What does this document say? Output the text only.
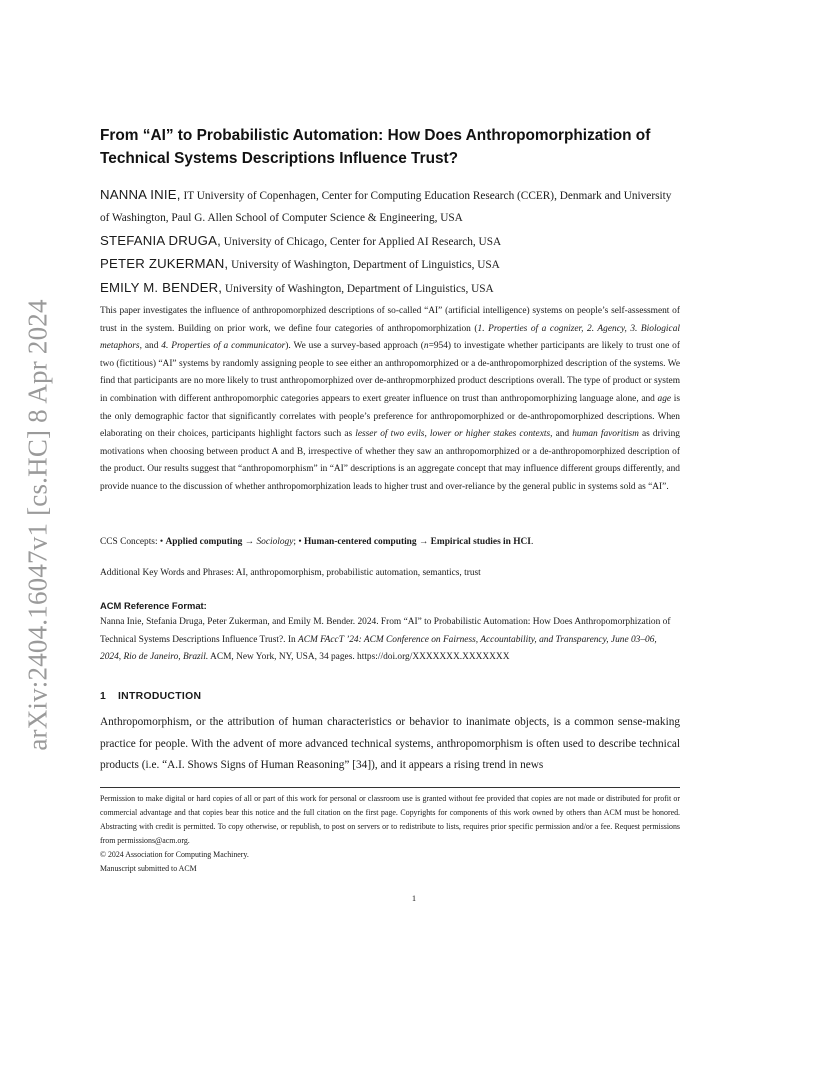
arXiv:2404.16047v1 [cs.HC] 8 Apr 2024
From “AI” to Probabilistic Automation: How Does Anthropomorphization of
Technical Systems Descriptions Influence Trust?

NANNA INIE, IT University of Copenhagen, Center for Computing Education Research (CCER), Denmark and University of Washington, Paul G. Allen School of Computer Science & Engineering, USA

STEFANIA DRUGA, University of Chicago, Center for Applied AI Research, USA

PETER ZUKERMAN, University of Washington, Department of Linguistics, USA

EMILY M. BENDER, University of Washington, Department of Linguistics, USA

This paper investigates the influence of anthropomorphized descriptions of so-called “AI” (artificial intelligence) systems on people’s self-assessment of trust in the system. Building on prior work, we define four categories of anthropomorphization (1. Properties of a cognizer, 2. Agency, 3. Biological metaphors, and 4. Properties of a communicator). We use a survey-based approach (n=954) to investigate whether participants are likely to trust one of two (fictitious) “AI” systems by randomly assigning people to see either an anthropomorphized or a de-anthropomorphized description of the systems. We find that participants are no more likely to trust anthropomorphized over de-anthropmorphized product descriptions overall. The type of product or system in combination with different anthropomorphic categories appears to exert greater influence on trust than anthropomorphizing language alone, and age is the only demographic factor that significantly correlates with people’s preference for anthropomorphized or de-anthropomorphized descriptions. When elaborating on their choices, participants highlight factors such as lesser of two evils, lower or higher stakes contexts, and human favoritism as driving motivations when choosing between product A and B, irrespective of whether they saw an anthropomorphized or a de-anthropomorphized description of the product. Our results suggest that “anthropomorphism” in “AI” descriptions is an aggregate concept that may influence different groups differently, and provide nuance to the discussion of whether anthropomorphization leads to higher trust and over-reliance by the general public in systems sold as “AI”.
CCS Concepts: • Applied computing → Sociology; • Human-centered computing → Empirical studies in HCI.
Additional Key Words and Phrases: AI, anthropomorphism, probabilistic automation, semantics, trust
ACM Reference Format:

Nanna Inie, Stefania Druga, Peter Zukerman, and Emily M. Bender. 2024. From “AI” to Probabilistic Automation: How Does Anthropomorphization of Technical Systems Descriptions Influence Trust?. In ACM FAccT ’24: ACM Conference on Fairness, Accountability, and Transparency, June 03–06, 2024, Rio de Janeiro, Brazil. ACM, New York, NY, USA, 34 pages. https://doi.org/XXXXXXX.XXXXXXX

1 INTRODUCTION
Anthropomorphism, or the attribution of human characteristics or behavior to inanimate objects, is a common sense-making practice for people. With the advent of more advanced technical systems, anthropomorphism is often used to describe technical products (i.e. “A.I. Shows Signs of Human Reasoning” [34]), and it appears a rising trend in news

Permission to make digital or hard copies of all or part of this work for personal or classroom use is granted without fee provided that copies are not made or distributed for profit or commercial advantage and that copies bear this notice and the full citation on the first page. Copyrights for components of this work owned by others than ACM must be honored. Abstracting with credit is permitted. To copy otherwise, or republish, to post on servers or to redistribute to lists, requires prior specific permission and/or a fee. Request permissions from permissions@acm.org.

© 2024 Association for Computing Machinery.

Manuscript submitted to ACM

1
